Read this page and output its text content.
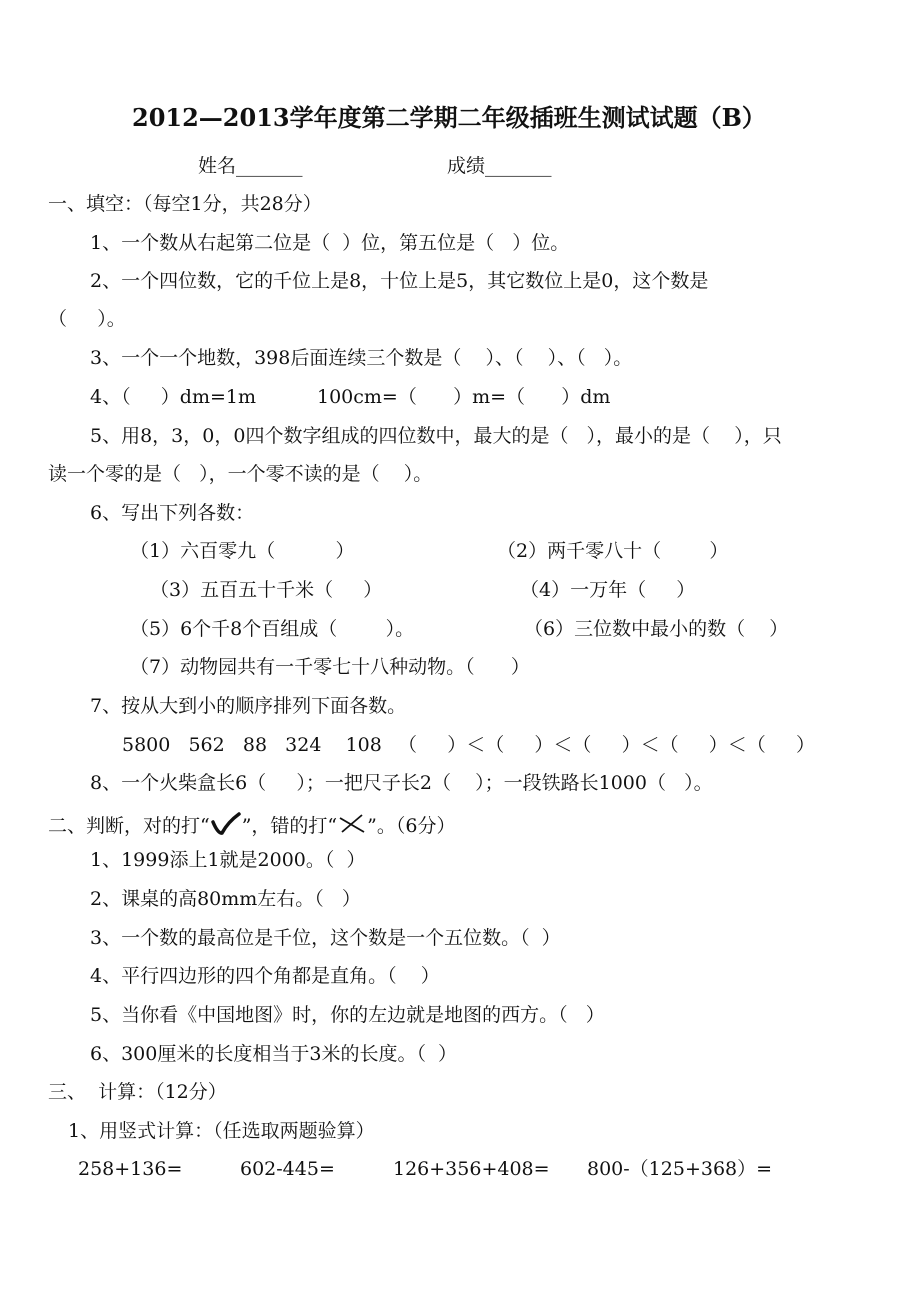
2012—2013学年度第二学期二年级插班生测试试题（B）
姓名_______	成绩_______
一、填空：（每空1分，共28分）
1、一个数从右起第二位是（  ）位，第五位是（   ）位。
2、一个四位数，它的千位上是8，十位上是5，其它数位上是0，这个数是
（     ）。
3、一个一个地数，398后面连续三个数是（    ）、（    ）、（   ）。
4、（     ）dm=1m	100cm=（      ）m=（      ）dm
5、用8，3，0，0四个数字组成的四位数中，最大的是（   ），最小的是（    ），只
读一个零的是（   ），一个零不读的是（    ）。
6、写出下列各数：
（1）六百零九（          ）	（2）两千零八十（        ）
（3）五百五十千米（     ）	（4）一万年（     ）
（5）6个千8个百组成（        ）。	（6）三位数中最小的数（    ）
（7）动物园共有一千零七十八种动物。（      ）
7、按从大到小的顺序排列下面各数。
5800   562   88   324    108 （     ）＜（     ）＜（     ）＜（     ）＜（     ）
8、一个火柴盒长6（     ）；一把尺子长2（    ）；一段铁路长1000（   ）。
二、判断，对的打“ ”，错的打“ ”。（6分）
1、1999添上1就是2000。（  ）
2、课桌的高80mm左右。（   ）
3、一个数的最高位是千位，这个数是一个五位数。（  ）
4、平行四边形的四个角都是直角。（    ）
5、当你看《中国地图》时，你的左边就是地图的西方。（   ）
6、300厘米的长度相当于3米的长度。（  ）
三、  计算：（12分）
1、用竖式计算：（任选取两题验算）
258+136=	602-445=	126+356+408= 800-（125+368）=
